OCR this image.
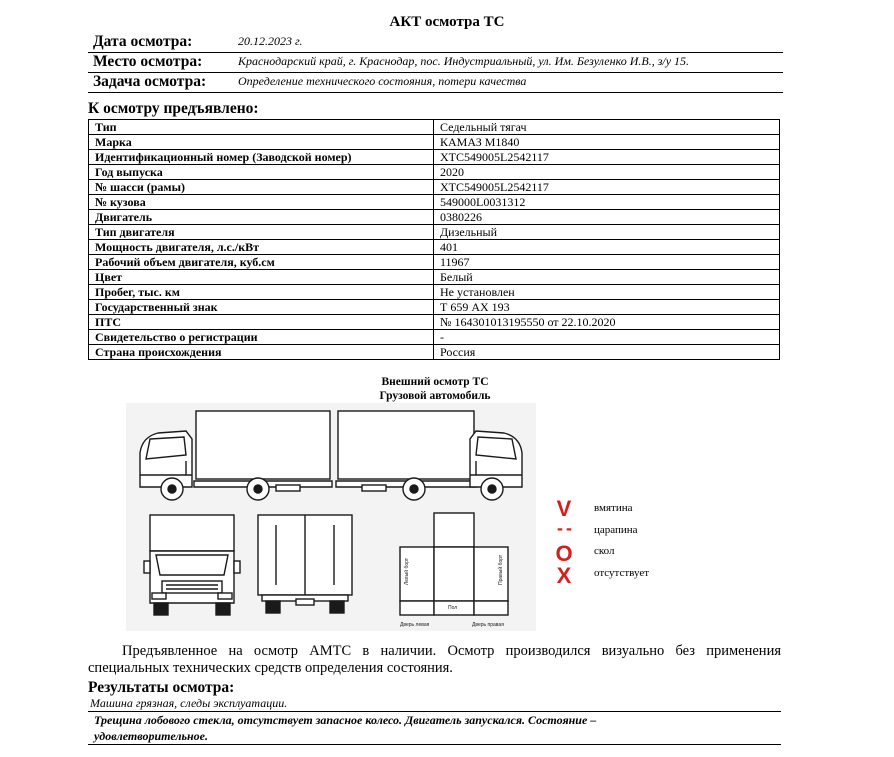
АКТ осмотра ТС
Дата осмотра:	20.12.2023 г.
Место осмотра:	Краснодарский край, г. Краснодар, пос. Индустриальный, ул. Им. Безуленко И.В., з/у 15.
Задача осмотра:	Определение технического состояния, потери качества
К осмотру предъявлено:
Тип	Седельный тягач
Марка	КАМАЗ М1840
Идентификационный номер (Заводской номер)	ХТС549005L2542117
Год выпуска	2020
№ шасси (рамы)	ХТС549005L2542117
№ кузова	549000L0031312
Двигатель	0380226
Тип двигателя	Дизельный
Мощность двигателя, л.с./кВт	401
Рабочий объем двигателя, куб.см	11967
Цвет	Белый
Пробег, тыс. км	Не установлен
Государственный знак	Т 659 АХ 193
ПТС	№ 164301013195550 от 22.10.2020
Свидетельство о регистрации	-
Страна происхождения	Россия
Внешний осмотр ТС
Грузовой автомобиль
Левый борт	Правый борт
Пол
Дверь левая	Дверь правая
V вмятина
- - царапина
O скол
X отсутствует
Предъявленное на осмотр АМТС в наличии. Осмотр производился визуально без применения специальных технических средств определения состояния.
Результаты осмотра:
Машина грязная, следы эксплуатации.
Трещина лобового стекла, отсутствует запасное колесо. Двигатель запускался. Состояние –
удовлетворительное.
